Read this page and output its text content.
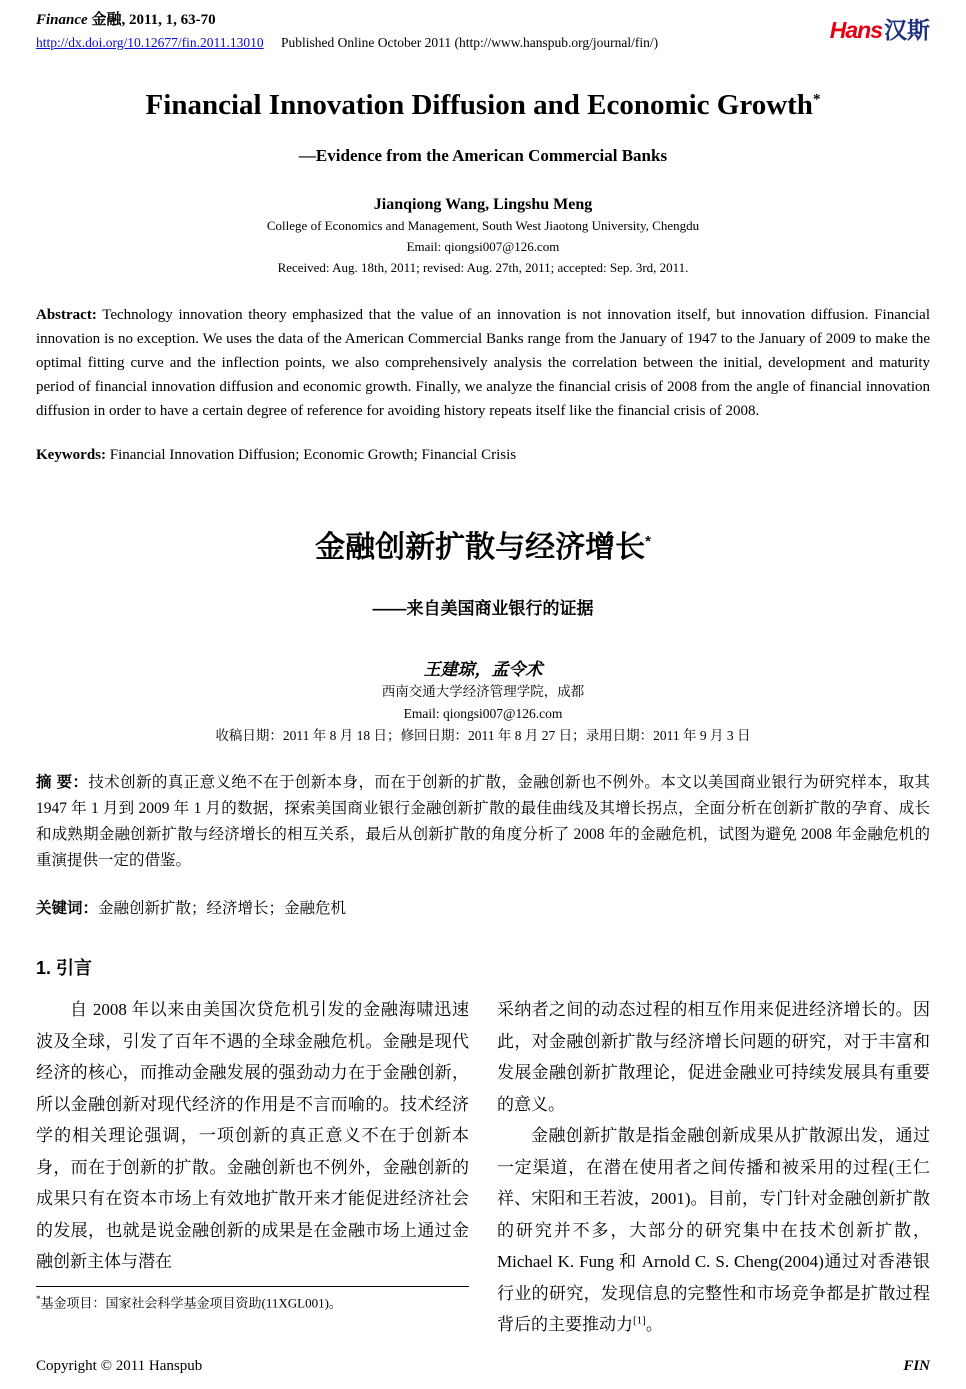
Finance 金融, 2011, 1, 63-70
http://dx.doi.org/10.12677/fin.2011.13010 Published Online October 2011 (http://www.hanspub.org/journal/fin/)	Hans汉斯
Financial Innovation Diffusion and Economic Growth*
—Evidence from the American Commercial Banks
Jianqiong Wang, Lingshu Meng
College of Economics and Management, South West Jiaotong University, Chengdu
Email: qiongsi007@126.com
Received: Aug. 18th, 2011; revised: Aug. 27th, 2011; accepted: Sep. 3rd, 2011.

Abstract: Technology innovation theory emphasized that the value of an innovation is not innovation itself, but innovation diffusion. Financial innovation is no exception. We uses the data of the American Commercial Banks range from the January of 1947 to the January of 2009 to make the optimal fitting curve and the inflection points, we also comprehensively analysis the correlation between the initial, development and maturity period of financial innovation diffusion and economic growth. Finally, we analyze the financial crisis of 2008 from the angle of financial innovation diffusion in order to have a certain degree of reference for avoiding history repeats itself like the financial crisis of 2008.

Keywords: Financial Innovation Diffusion; Economic Growth; Financial Crisis

金融创新扩散与经济增长*
——来自美国商业银行的证据
王建琼，孟令术
西南交通大学经济管理学院，成都
Email: qiongsi007@126.com
收稿日期：2011 年 8 月 18 日；修回日期：2011 年 8 月 27 日；录用日期：2011 年 9 月 3 日

摘 要：技术创新的真正意义绝不在于创新本身，而在于创新的扩散，金融创新也不例外。本文以美国商业银行为研究样本，取其 1947 年 1 月到 2009 年 1 月的数据，探索美国商业银行金融创新扩散的最佳曲线及其增长拐点，全面分析在创新扩散的孕育、成长和成熟期金融创新扩散与经济增长的相互关系，最后从创新扩散的角度分析了 2008 年的金融危机，试图为避免 2008 年金融危机的重演提供一定的借鉴。

关键词：金融创新扩散；经济增长；金融危机

1. 引言

自 2008 年以来由美国次贷危机引发的金融海啸迅速波及全球，引发了百年不遇的全球金融危机。金融是现代经济的核心，而推动金融发展的强劲动力在于金融创新，所以金融创新对现代经济的作用是不言而喻的。技术经济学的相关理论强调，一项创新的真正意义不在于创新本身，而在于创新的扩散。金融创新也不例外，金融创新的成果只有在资本市场上有效地扩散开来才能促进经济社会的发展，也就是说金融创新的成果是在金融市场上通过金融创新主体与潜在

*基金项目：国家社会科学基金项目资助(11XGL001)。

采纳者之间的动态过程的相互作用来促进经济增长的。因此，对金融创新扩散与经济增长问题的研究，对于丰富和发展金融创新扩散理论，促进金融业可持续发展具有重要的意义。

金融创新扩散是指金融创新成果从扩散源出发，通过一定渠道，在潜在使用者之间传播和被采用的过程(王仁祥、宋阳和王若波，2001)。目前，专门针对金融创新扩散的研究并不多，大部分的研究集中在技术创新扩散，Michael K. Fung 和 Arnold C. S. Cheng(2004)通过对香港银行业的研究，发现信息的完整性和市场竞争都是扩散过程背后的主要推动力[1]。

Copyright © 2011 Hanspub	FIN
